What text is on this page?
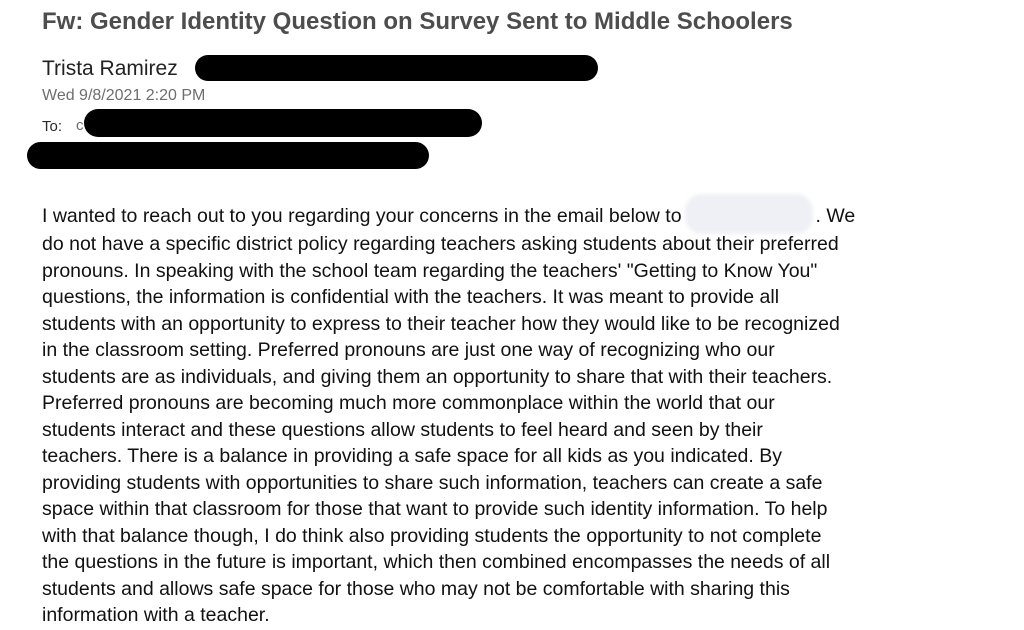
Fw: Gender Identity Question on Survey Sent to Middle Schoolers
Trista Ramirez
Wed 9/8/2021 2:20 PM
To: c
I wanted to reach out to you regarding your concerns in the email below to	. We
do not have a specific district policy regarding teachers asking students about their preferred
pronouns. In speaking with the school team regarding the teachers' "Getting to Know You"
questions, the information is confidential with the teachers. It was meant to provide all
students with an opportunity to express to their teacher how they would like to be recognized
in the classroom setting. Preferred pronouns are just one way of recognizing who our
students are as individuals, and giving them an opportunity to share that with their teachers.
Preferred pronouns are becoming much more commonplace within the world that our
students interact and these questions allow students to feel heard and seen by their
teachers. There is a balance in providing a safe space for all kids as you indicated. By
providing students with opportunities to share such information, teachers can create a safe
space within that classroom for those that want to provide such identity information. To help
with that balance though, I do think also providing students the opportunity to not complete
the questions in the future is important, which then combined encompasses the needs of all
students and allows safe space for those who may not be comfortable with sharing this
information with a teacher.
